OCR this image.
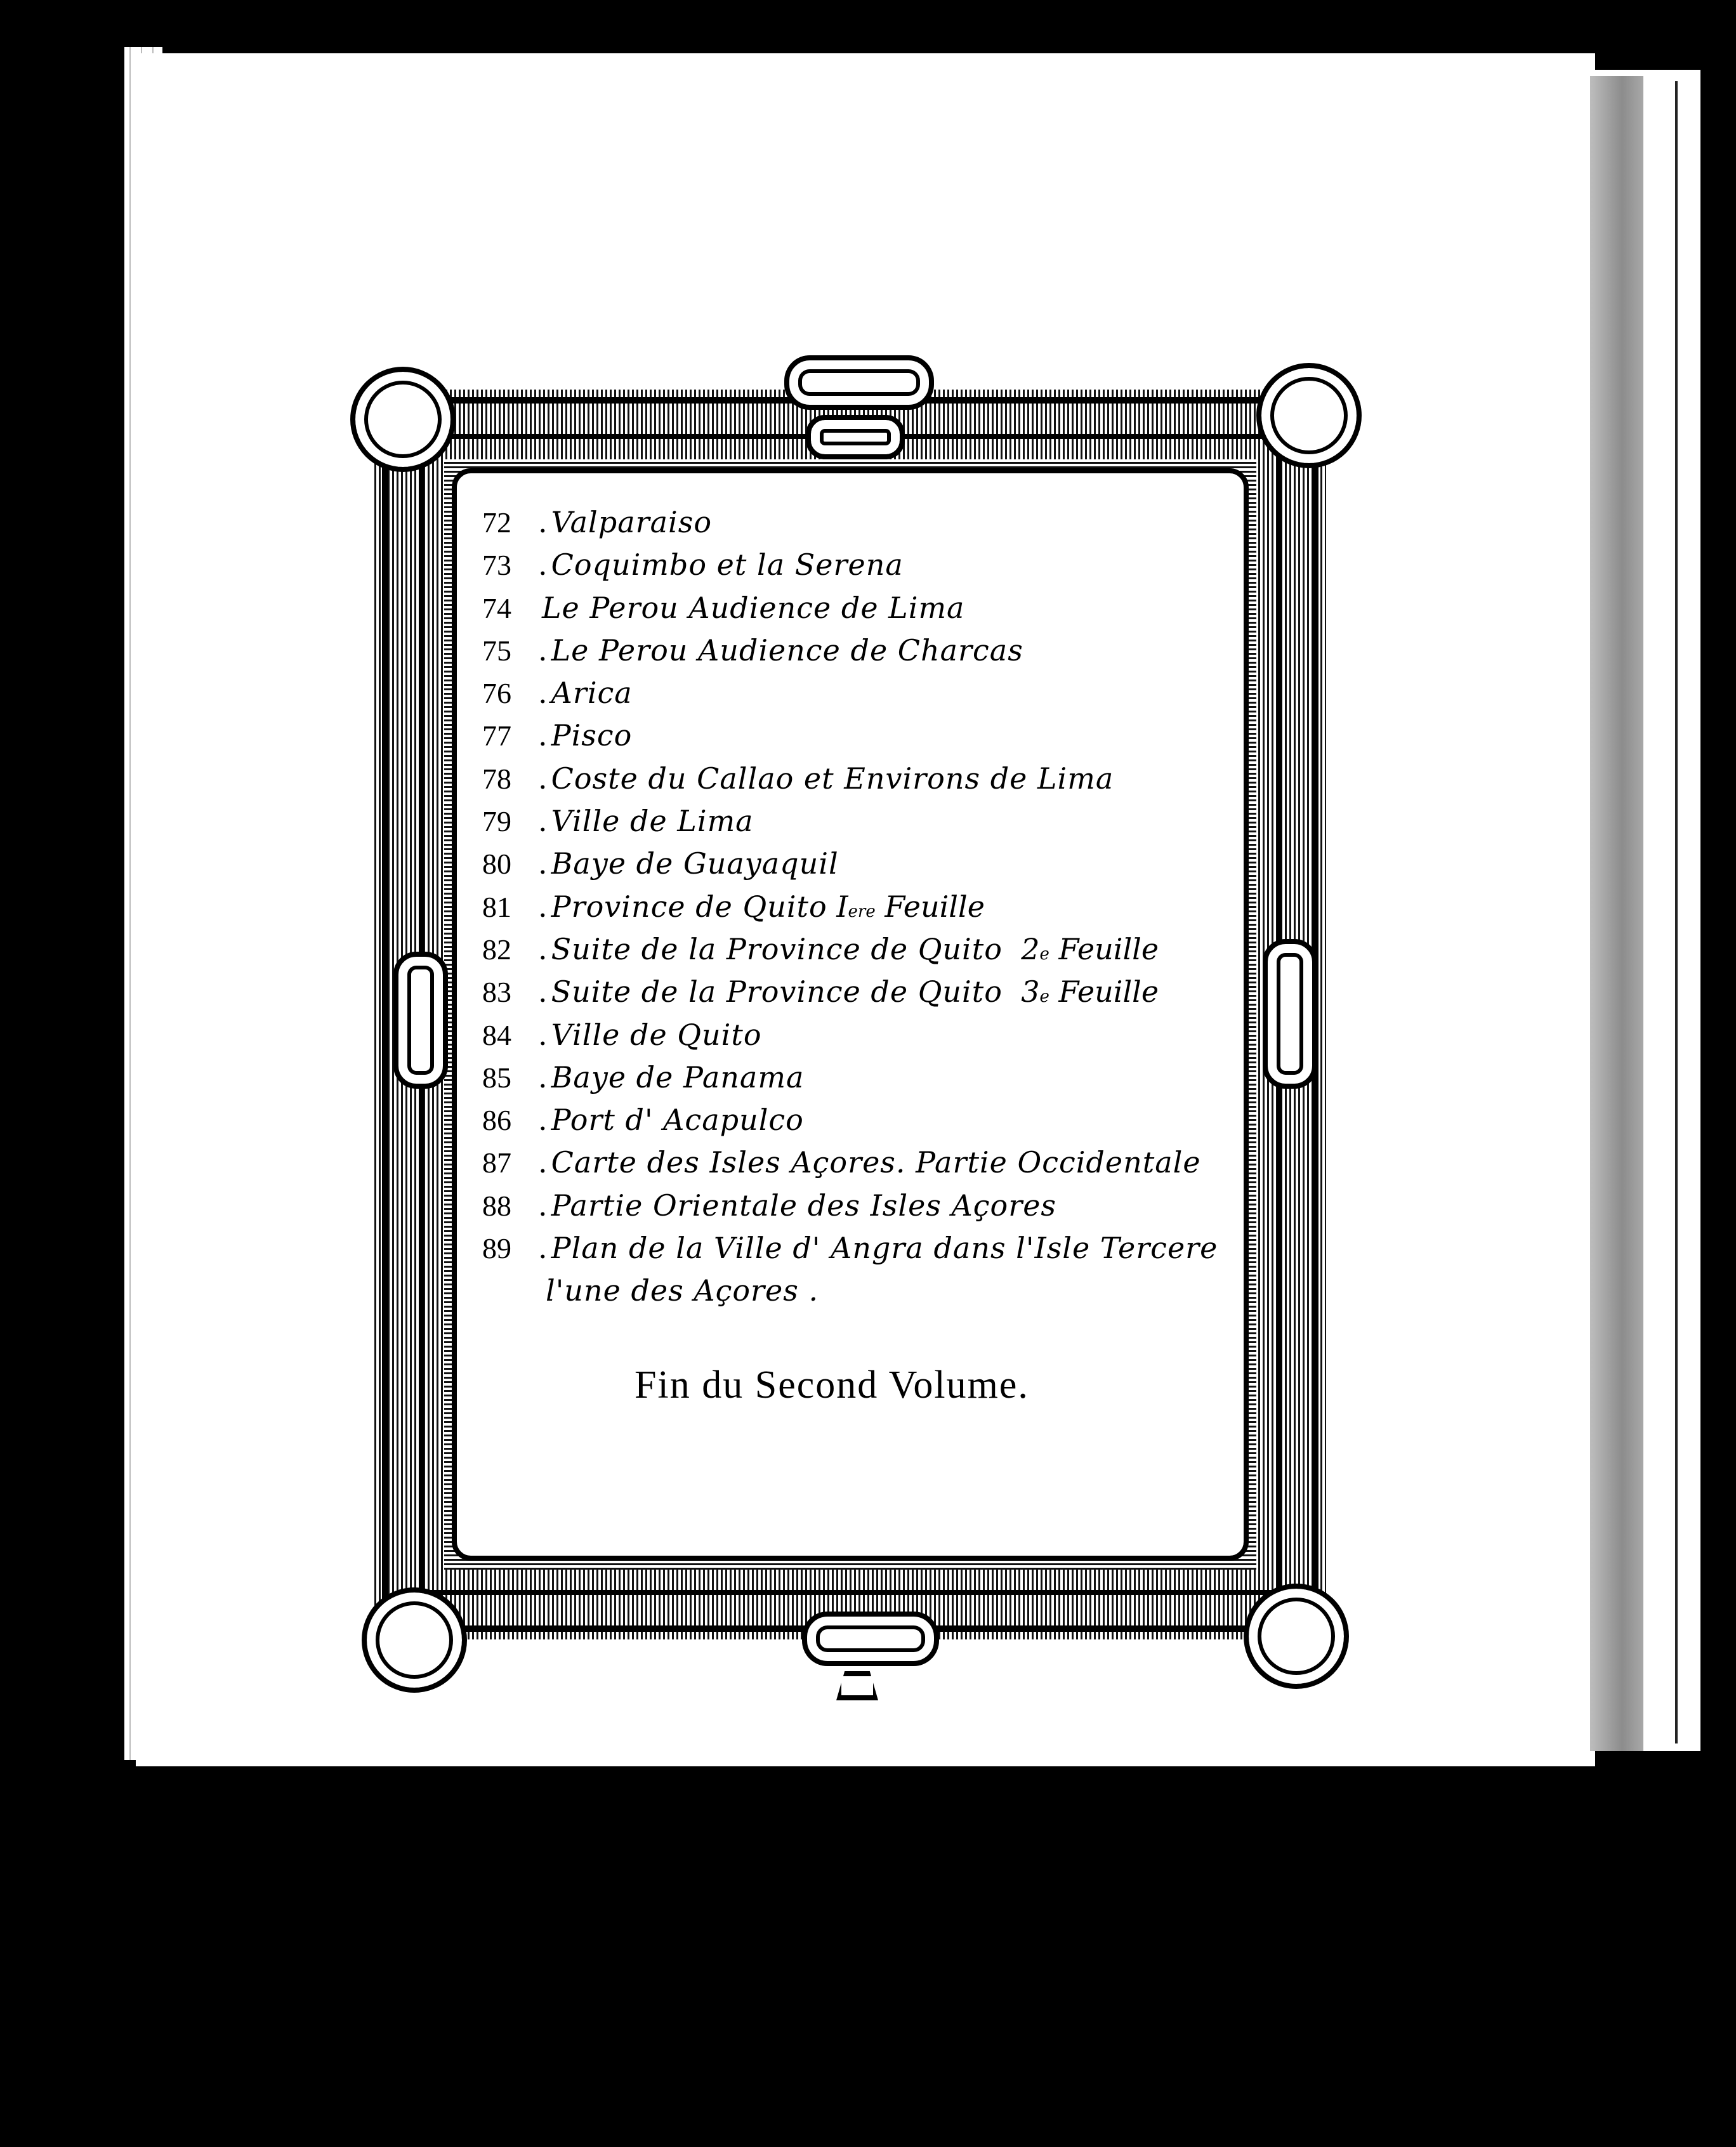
72 . Valparaiso
73 . Coquimbo et la Serena
74	Le Perou Audience de Lima
75 . Le Perou Audience de Charcas
76 . Arica
77 . Pisco
78 . Coste du Callao et Environs de Lima
79 . Ville de Lima
80 . Baye de Guayaquil
81 . Province de Quito
I ere
Feuille
82 . Suite de la Province de Quito
2 e
Feuille
83 . Suite de la Province de Quito
3 e
Feuille
84 . Ville de Quito
85 . Baye de Panama
86 . Port d' Acapulco
87 . Carte des Isles Açores. Partie Occidentale
88 . Partie Orientale des Isles Açores
89 . Plan de la Ville d' Angra dans l'Isle Tercere
l'une des Açores .
Fin du Second Volume.
